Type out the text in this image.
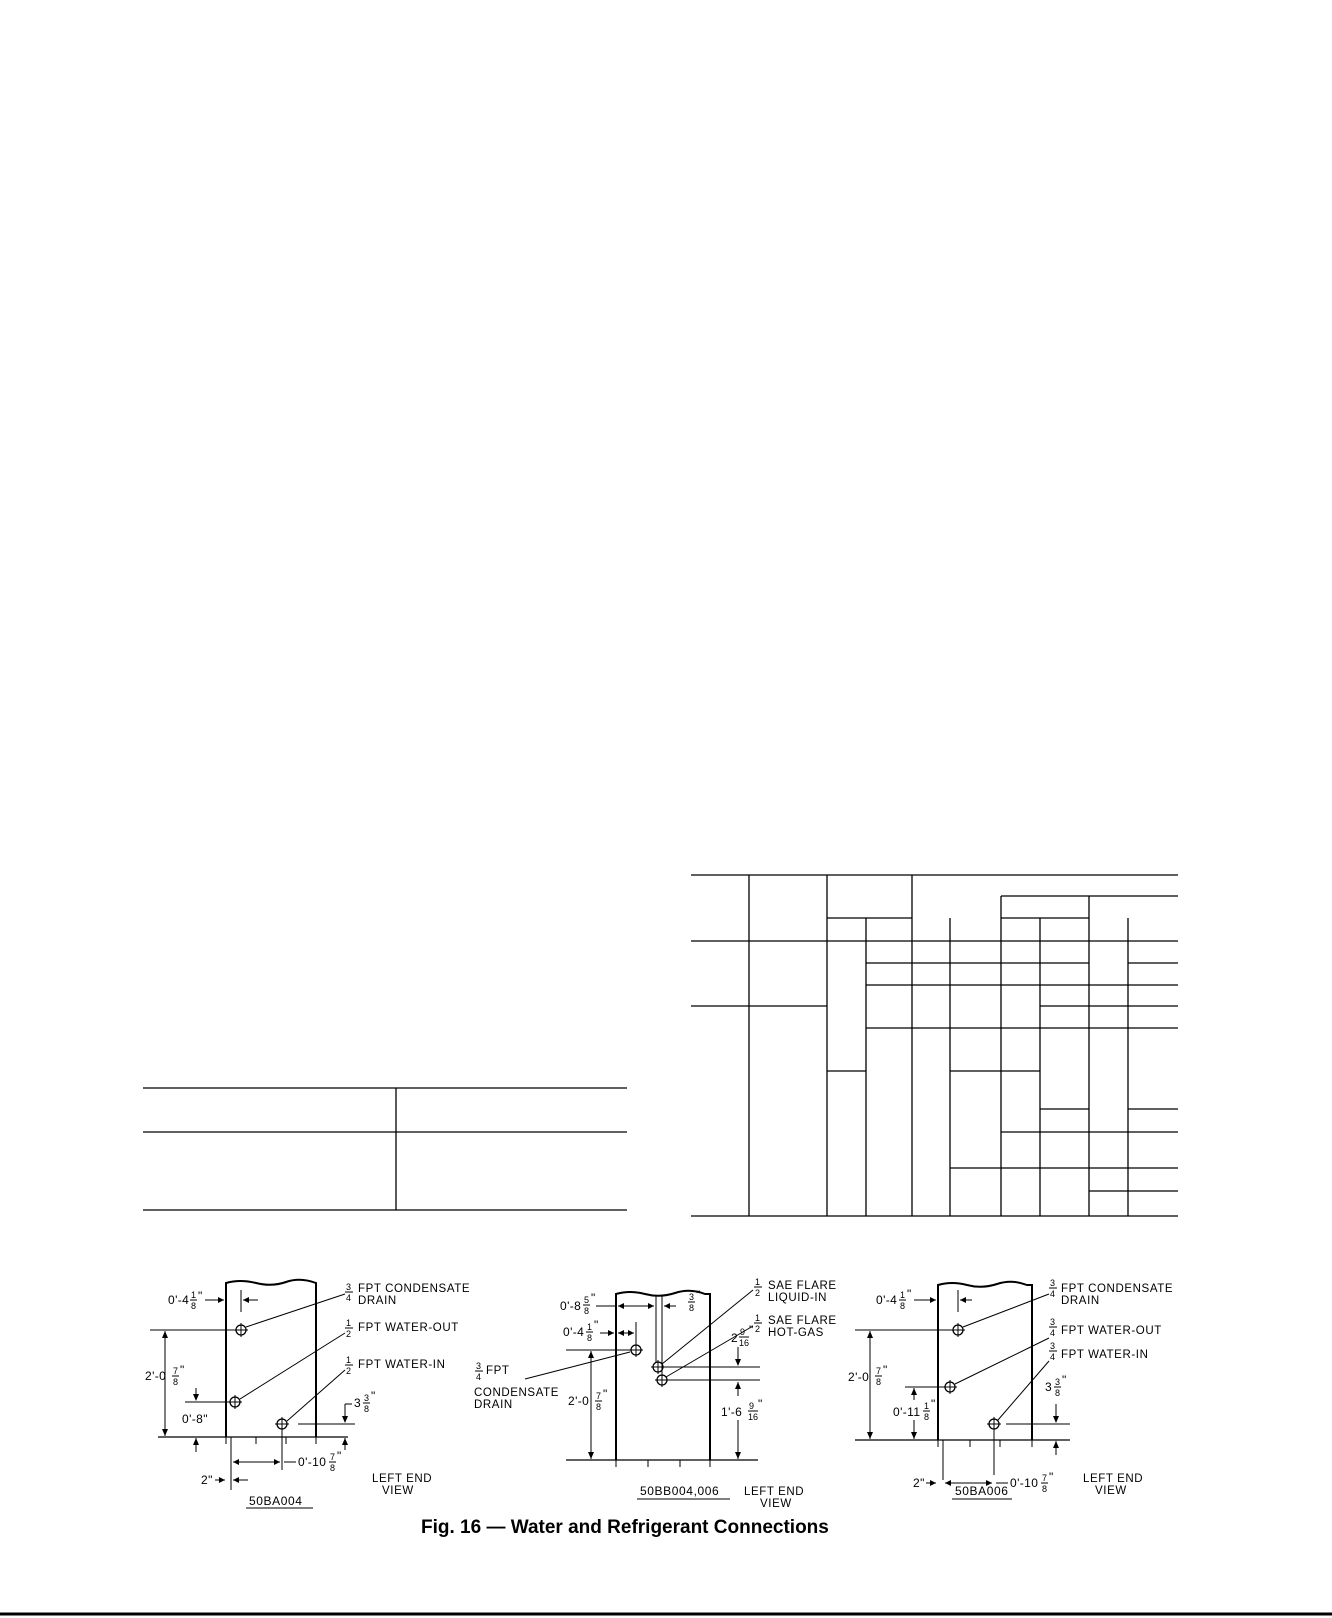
3
4
FPT CONDENSATE
DRAIN
1
2 FPT WATER-OUT
1
2 FPT WATER-IN
0'-4 1
8
"
2'-0 7
8
"
0'-8"
3 3
8
"
2"
0'-10 7
8
"
50BA004
LEFT END
VIEW
1
2
SAE FLARE
LIQUID-IN
1
2
SAE FLARE
HOT-GAS
3
4 FPT
CONDENSATE
DRAIN
0'-8 5
8
"	3
8
"
0'-4 1
8
"
2'-0 7
8
"
2 9
16
"
1'-6 9
16
"
50BB004,006 LEFT END
VIEW
3
4 FPT CONDENSATE
DRAIN
3
4 FPT WATER-OUT
3
4 FPT WATER-IN
0'-4 1
8
"
2'-0 7
8
"
0'-11 1
8
"
3 3
8
"
2"	0'-10 7
8
"
50BA006
LEFT END
VIEW
Fig. 16 — Water and Refrigerant Connections
